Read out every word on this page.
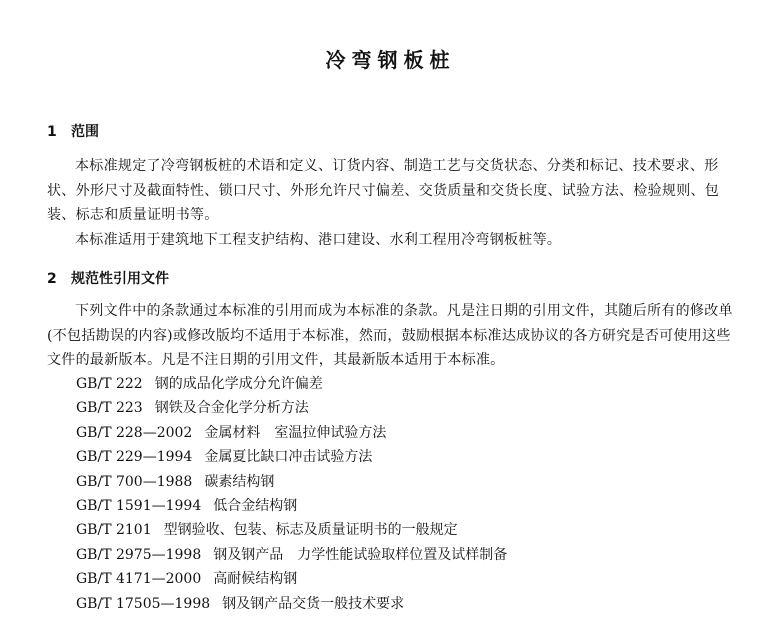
冷弯钢板桩
1 范围

本标准规定了冷弯钢板桩的术语和定义、订货内容、制造工艺与交货状态、分类和标记、技术要求、形状、外形尺寸及截面特性、锁口尺寸、外形允许尺寸偏差、交货质量和交货长度、试验方法、检验规则、包装、标志和质量证明书等。

本标准适用于建筑地下工程支护结构、港口建设、水利工程用冷弯钢板桩等。

2 规范性引用文件

下列文件中的条款通过本标准的引用而成为本标准的条款。凡是注日期的引用文件，其随后所有的修改单(不包括勘误的内容)或修改版均不适用于本标准，然而，鼓励根据本标准达成协议的各方研究是否可使用这些文件的最新版本。凡是不注日期的引用文件，其最新版本适用于本标准。

GB/T 222 钢的成品化学成分允许偏差
GB/T 223 钢铁及合金化学分析方法
GB/T 228—2002 金属材料　室温拉伸试验方法
GB/T 229—1994 金属夏比缺口冲击试验方法
GB/T 700—1988 碳素结构钢
GB/T 1591—1994 低合金结构钢
GB/T 2101 型钢验收、包装、标志及质量证明书的一般规定
GB/T 2975—1998 钢及钢产品　力学性能试验取样位置及试样制备
GB/T 4171—2000 高耐候结构钢
GB/T 17505—1998 钢及钢产品交货一般技术要求
